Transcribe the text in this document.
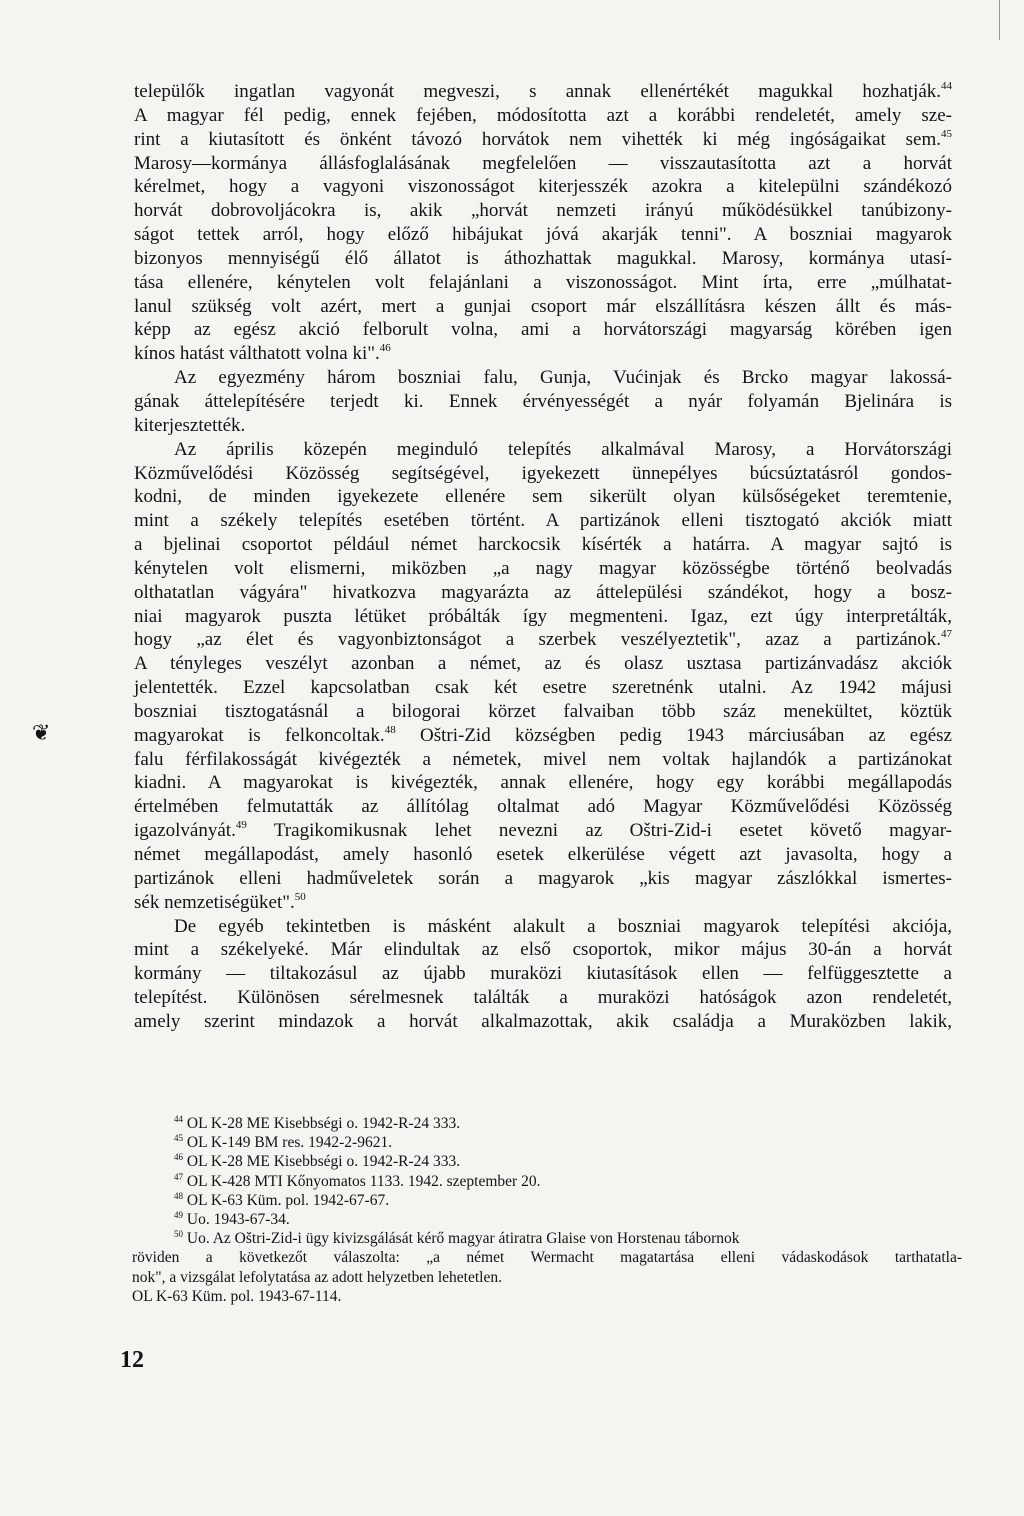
❦
települők ingatlan vagyonát megveszi, s annak ellenértékét magukkal hozhatják.$^{44}$
A magyar fél pedig, ennek fejében, módosította azt a korábbi rendeletét, amely sze-
rint a kiutasított és önként távozó horvátok nem vihették ki még ingóságaikat sem.$^{45}$
Marosy—kormánya állásfoglalásának megfelelően — visszautasította azt a horvát
kérelmet, hogy a vagyoni viszonosságot kiterjesszék azokra a kitelepülni szándékozó
horvát dobrovoljácokra is, akik „horvát nemzeti irányú működésükkel tanúbizony-
ságot tettek arról, hogy előző hibájukat jóvá akarják tenni". A boszniai magyarok
bizonyos mennyiségű élő állatot is áthozhattak magukkal. Marosy, kormánya utasí-
tása ellenére, kénytelen volt felajánlani a viszonosságot. Mint írta, erre „múlhatat-
lanul szükség volt azért, mert a gunjai csoport már elszállításra készen állt és más-
képp az egész akció felborult volna, ami a horvátországi magyarság körében igen
kínos hatást válthatott volna ki".$^{46}$
Az egyezmény három boszniai falu, Gunja, Vućinjak és Brcko magyar lakossá-
gának áttelepítésére terjedt ki. Ennek érvényességét a nyár folyamán Bjelinára is
kiterjesztették.
Az április közepén meginduló telepítés alkalmával Marosy, a Horvátországi
Közművelődési Közösség segítségével, igyekezett ünnepélyes búcsúztatásról gondos-
kodni, de minden igyekezete ellenére sem sikerült olyan külsőségeket teremtenie,
mint a székely telepítés esetében történt. A partizánok elleni tisztogató akciók miatt
a bjelinai csoportot például német harckocsik kísérték a határra. A magyar sajtó is
kénytelen volt elismerni, miközben „a nagy magyar közösségbe történő beolvadás
olthatatlan vágyára" hivatkozva magyarázta az áttelepülési szándékot, hogy a bosz-
niai magyarok puszta létüket próbálták így megmenteni. Igaz, ezt úgy interpretálták,
hogy „az élet és vagyonbiztonságot a szerbek veszélyeztetik", azaz a partizánok.$^{47}$
A tényleges veszélyt azonban a német, az és olasz usztasa partizánvadász akciók
jelentették. Ezzel kapcsolatban csak két esetre szeretnénk utalni. Az 1942 májusi
boszniai tisztogatásnál a bilogorai körzet falvaiban több száz menekültet, köztük
magyarokat is felkoncoltak.$^{48}$ Oštri-Zid községben pedig 1943 márciusában az egész
falu férfilakosságát kivégezték a németek, mivel nem voltak hajlandók a partizánokat
kiadni. A magyarokat is kivégezték, annak ellenére, hogy egy korábbi megállapodás
értelmében felmutatták az állítólag oltalmat adó Magyar Közművelődési Közösség
igazolványát.$^{49}$ Tragikomikusnak lehet nevezni az Oštri-Zid-i esetet követő magyar-
német megállapodást, amely hasonló esetek elkerülése végett azt javasolta, hogy a
partizánok elleni hadműveletek során a magyarok „kis magyar zászlókkal ismertes-
sék nemzetiségüket".$^{50}$
De egyéb tekintetben is másként alakult a boszniai magyarok telepítési akciója,
mint a székelyeké. Már elindultak az első csoportok, mikor május 30-án a horvát
kormány — tiltakozásul az újabb muraközi kiutasítások ellen — felfüggesztette a
telepítést. Különösen sérelmesnek találták a muraközi hatóságok azon rendeletét,
amely szerint mindazok a horvát alkalmazottak, akik családja a Muraközben lakik,
$^{44}$ OL K-28 ME Kisebbségi o. 1942-R-24 333.
$^{45}$ OL K-149 BM res. 1942-2-9621.
$^{46}$ OL K-28 ME Kisebbségi o. 1942-R-24 333.
$^{47}$ OL K-428 MTI Kőnyomatos 1133. 1942. szeptember 20.
$^{48}$ OL K-63 Küm. pol. 1942-67-67.
$^{49}$ Uo. 1943-67-34.
$^{50}$ Uo. Az Oštri-Zid-i ügy kivizsgálását kérő magyar átiratra Glaise von Horstenau tábornok
röviden a következőt válaszolta: „a német Wermacht magatartása elleni vádaskodások tarthatatla-
nok", a vizsgálat lefolytatása az adott helyzetben lehetetlen.
OL K-63 Küm. pol. 1943-67-114.
12
